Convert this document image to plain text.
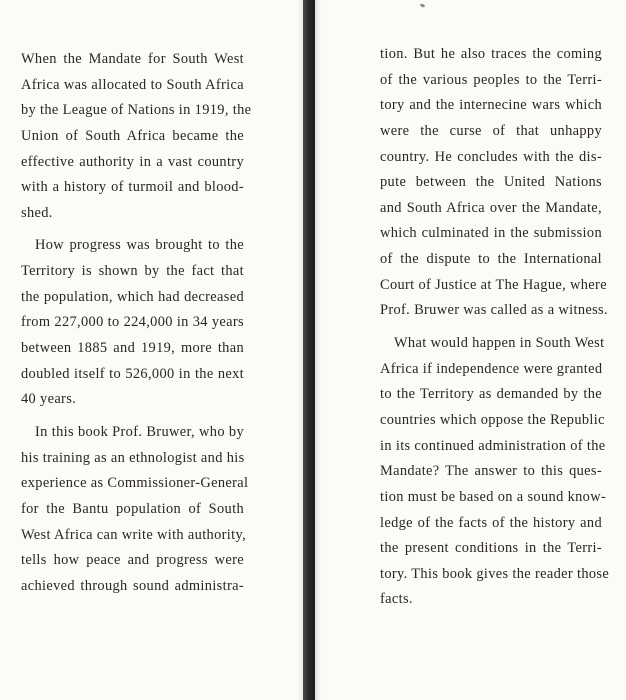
When the Mandate for South West
Africa was allocated to South Africa
by the League of Nations in 1919, the
Union of South Africa became the
effective authority in a vast country
with a history of turmoil and blood-
shed.
How progress was brought to the
Territory is shown by the fact that
the population, which had decreased
from 227,000 to 224,000 in 34 years
between 1885 and 1919, more than
doubled itself to 526,000 in the next
40 years.
In this book Prof. Bruwer, who by
his training as an ethnologist and his
experience as Commissioner-General
for the Bantu population of South
West Africa can write with authority,
tells how peace and progress were
achieved through sound administra-
tion. But he also traces the coming
of the various peoples to the Terri-
tory and the internecine wars which
were the curse of that unhappy
country. He concludes with the dis-
pute between the United Nations
and South Africa over the Mandate,
which culminated in the submission
of the dispute to the International
Court of Justice at The Hague, where
Prof. Bruwer was called as a witness.
What would happen in South West
Africa if independence were granted
to the Territory as demanded by the
countries which oppose the Republic
in its continued administration of the
Mandate? The answer to this ques-
tion must be based on a sound know-
ledge of the facts of the history and
the present conditions in the Terri-
tory. This book gives the reader those
facts.
